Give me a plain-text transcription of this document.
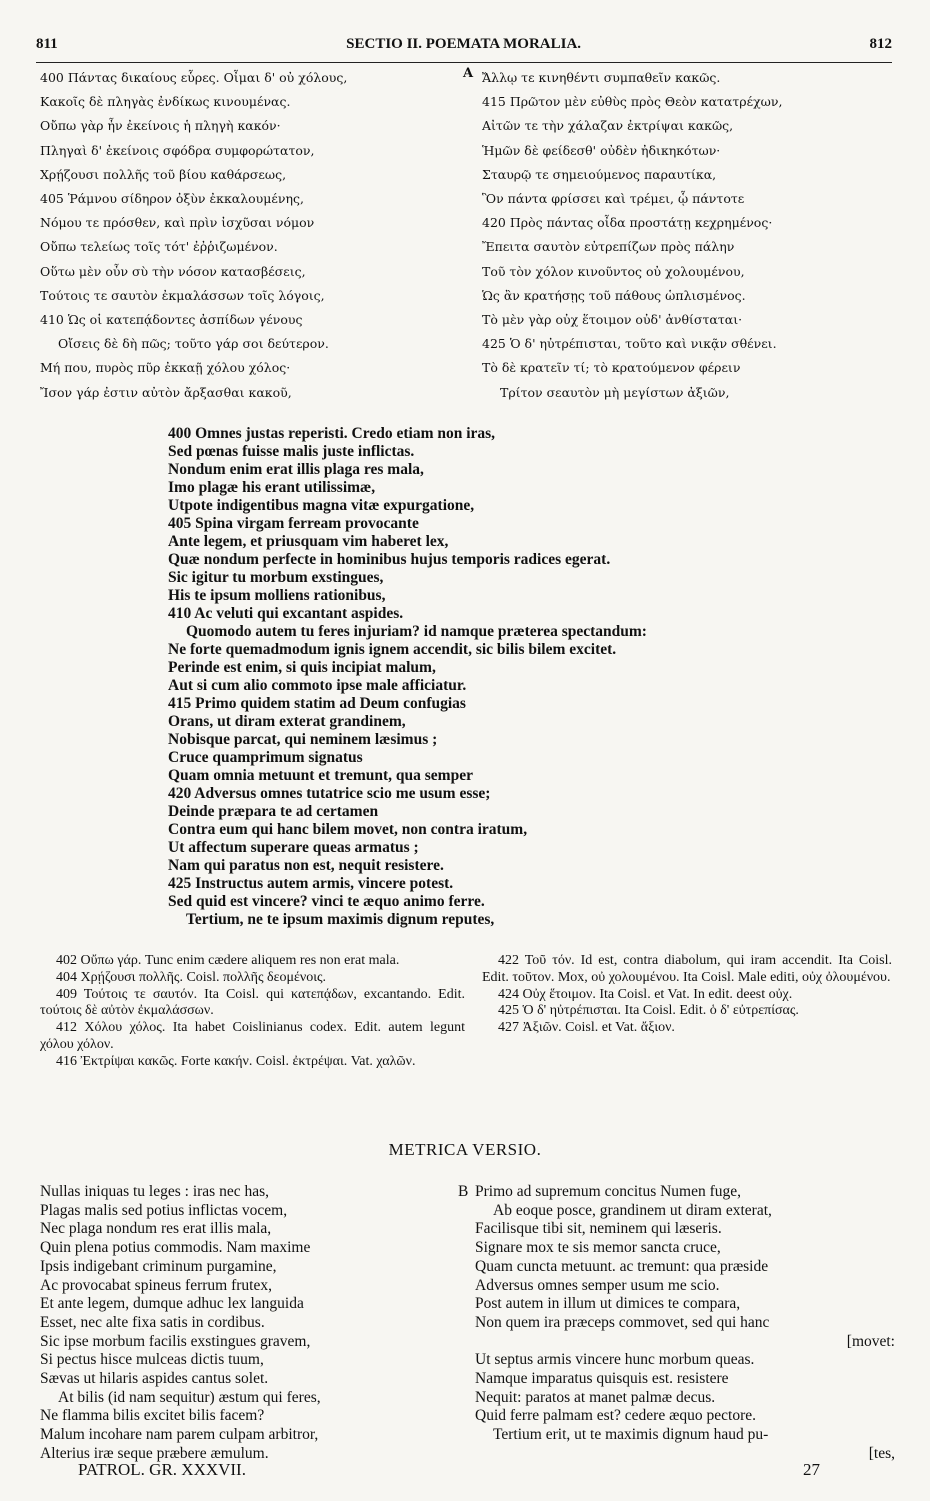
811	SECTIO II. POEMATA MORALIA.	812
400 Πάντας δικαίους εὗρες. Οἶμαι δ' οὐ χόλους,
Κακοῖς δὲ πληγὰς ἐνδίκως κινουμένας.
Οὔπω γὰρ ἦν ἐκείνοις ἡ πληγὴ κακόν·
Πληγαὶ δ' ἐκείνοις σφόδρα συμφορώτατον,
Χρῄζουσι πολλῆς τοῦ βίου καθάρσεως,
405 Ῥάμνου σίδηρον ὀξὺν ἐκκαλουμένης,
Νόμου τε πρόσθεν, καὶ πρὶν ἰσχῦσαι νόμον
Οὔπω τελείως τοῖς τότ' ἐῤῥιζωμένον.
Οὕτω μὲν οὖν σὺ τὴν νόσον κατασβέσεις,
Τούτοις τε σαυτὸν ἐκμαλάσσων τοῖς λόγοις,
410 Ὡς οἱ κατεπᾴδοντες ἀσπίδων γένους
Οἴσεις δὲ δὴ πῶς; τοῦτο γάρ σοι δεύτερον.
Μή που, πυρὸς πῦρ ἐκκαῇ χόλου χόλος·
Ἴσον γάρ ἐστιν αὐτὸν ἄρξασθαι κακοῦ,
A Ἄλλῳ τε κινηθέντι συμπαθεῖν κακῶς.
415 Πρῶτον μὲν εὐθὺς πρὸς Θεὸν κατατρέχων,
Αἰτῶν τε τὴν χάλαζαν ἐκτρίψαι κακῶς,
Ἡμῶν δὲ φείδεσθ' οὐδὲν ἠδικηκότων·
Σταυρῷ τε σημειούμενος παραυτίκα,
Ὃν πάντα φρίσσει καὶ τρέμει, ᾧ πάντοτε
420 Πρὸς πάντας οἶδα προστάτῃ κεχρημένος·
Ἔπειτα σαυτὸν εὐτρεπίζων πρὸς πάλην
Τοῦ τὸν χόλον κινοῦντος οὐ χολουμένου,
Ὡς ἂν κρατήσῃς τοῦ πάθους ὡπλισμένος.
Τὸ μὲν γὰρ οὐχ ἕτοιμον οὐδ' ἀνθίσταται·
425 Ὁ δ' ηὐτρέπισται, τοῦτο καὶ νικᾷν σθένει.
Τὸ δὲ κρατεῖν τί; τὸ κρατούμενον φέρειν
Τρίτον σεαυτὸν μὴ μεγίστων ἀξιῶν,
400 Omnes justas reperisti. Credo etiam non iras,
Sed pœnas fuisse malis juste inflictas.
Nondum enim erat illis plaga res mala,
Imo plagæ his erant utilissimæ,
Utpote indigentibus magna vitæ expurgatione,
405 Spina virgam ferream provocante
Ante legem, et priusquam vim haberet lex,
Quæ nondum perfecte in hominibus hujus temporis radices egerat.
Sic igitur tu morbum exstingues,
His te ipsum molliens rationibus,
410 Ac veluti qui excantant aspides.
Quomodo autem tu feres injuriam? id namque præterea spectandum:
Ne forte quemadmodum ignis ignem accendit, sic bilis bilem excitet.
Perinde est enim, si quis incipiat malum,
Aut si cum alio commoto ipse male afficiatur.
415 Primo quidem statim ad Deum confugias
Orans, ut diram exterat grandinem,
Nobisque parcat, qui neminem læsimus ;
Cruce quamprimum signatus
Quam omnia metuunt et tremunt, qua semper
420 Adversus omnes tutatrice scio me usum esse;
Deinde præpara te ad certamen
Contra eum qui hanc bilem movet, non contra iratum,
Ut affectum superare queas armatus ;
Nam qui paratus non est, nequit resistere.
425 Instructus autem armis, vincere potest.
Sed quid est vincere? vinci te æquo animo ferre.
Tertium, ne te ipsum maximis dignum reputes,

402 Οὔπω γάρ. Tunc enim cædere aliquem res non erat mala.

404 Χρῄζουσι πολλῆς. Coisl. πολλῆς δεομένοις.

409 Τούτοις τε σαυτόν. Ita Coisl. qui κατεπᾴδων, excantando. Edit. τούτοις δὲ αὐτὸν ἐκμαλάσσων.

412 Χόλου χόλος. Ita habet Coislinianus codex. Edit. autem legunt χόλου χόλον.

416 Ἐκτρίψαι κακῶς. Forte κακήν. Coisl. ἐκτρέψαι. Vat. χαλῶν.

422 Τοῦ τόν. Id est, contra diabolum, qui iram accendit. Ita Coisl. Edit. τοῦτον. Mox, οὐ χολουμένου. Ita Coisl. Male editi, οὐχ ὀλουμένου.

424 Οὐχ ἕτοιμον. Ita Coisl. et Vat. In edit. deest οὐχ.

425 Ὁ δ' ηὐτρέπισται. Ita Coisl. Edit. ὁ δ' εὐτρεπίσας.

427 Ἀξιῶν. Coisl. et Vat. ἄξιον.

METRICA VERSIO.
Nullas iniquas tu leges : iras nec has,
Plagas malis sed potius inflictas vocem,
Nec plaga nondum res erat illis mala,
Quin plena potius commodis. Nam maxime
Ipsis indigebant criminum purgamine,
Ac provocabat spineus ferrum frutex,
Et ante legem, dumque adhuc lex languida
Esset, nec alte fixa satis in cordibus.
Sic ipse morbum facilis exstingues gravem,
Si pectus hisce mulceas dictis tuum,
Sævas ut hilaris aspides cantus solet.
At bilis (id nam sequitur) æstum qui feres,
Ne flamma bilis excitet bilis facem?
Malum incohare nam parem culpam arbitror,
Alterius iræ seque præbere æmulum.
B Primo ad supremum concitus Numen fuge,
Ab eoque posce, grandinem ut diram exterat,
Facilisque tibi sit, neminem qui læseris.
Signare mox te sis memor sancta cruce,
Quam cuncta metuunt. ac tremunt: qua præside
Adversus omnes semper usum me scio.
Post autem in illum ut dimices te compara,
Non quem ira præceps commovet, sed qui hanc
[movet:
Ut septus armis vincere hunc morbum queas.
Namque imparatus quisquis est. resistere
Nequit: paratos at manet palmæ decus.
Quid ferre palmam est? cedere æquo pectore.
Tertium erit, ut te maximis dignum haud pu-
[tes,
PATROL. GR. XXXVII.	27
